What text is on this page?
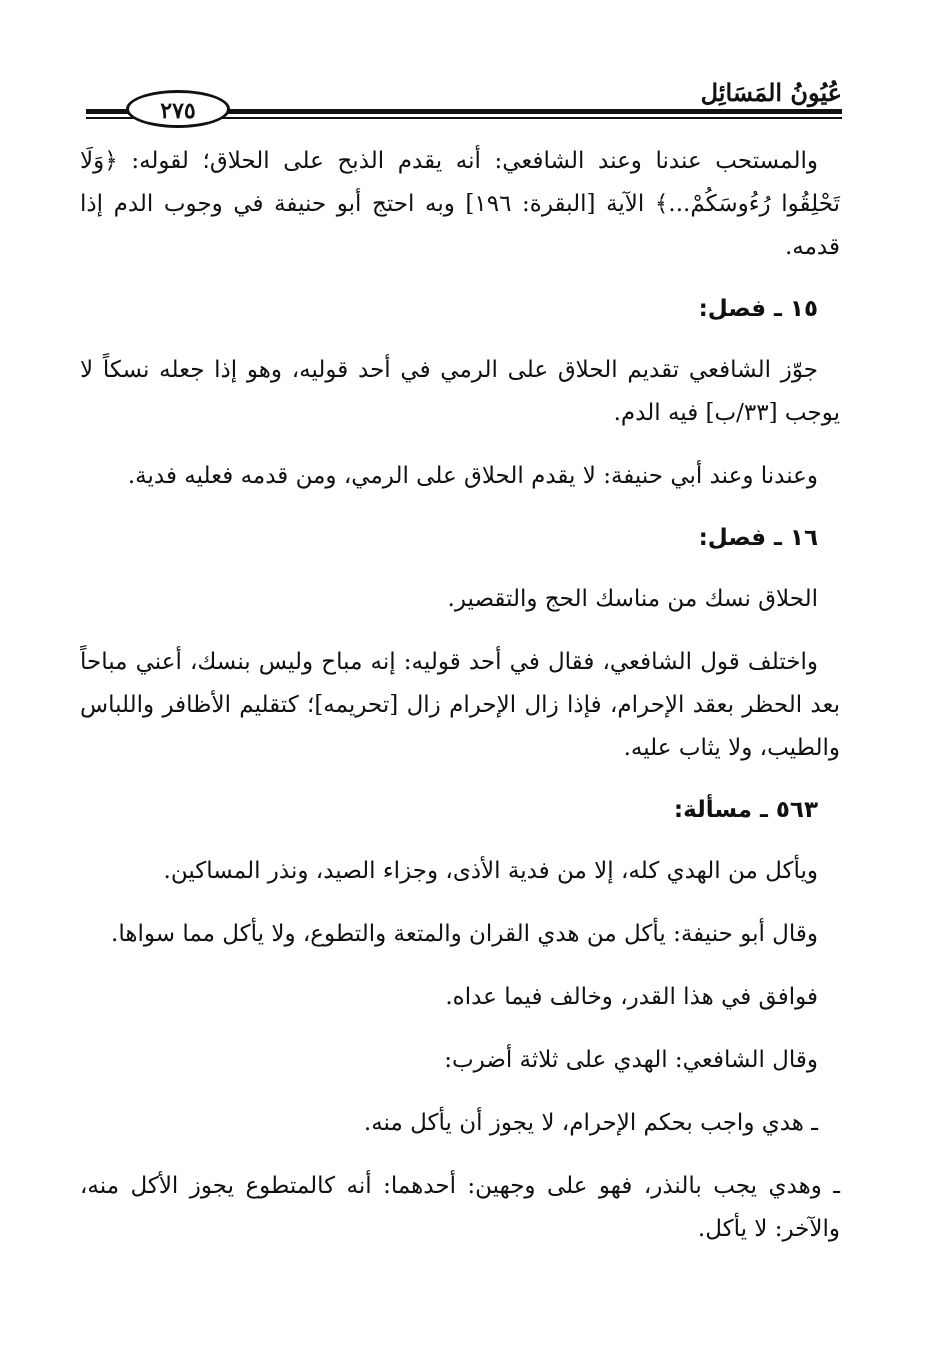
عُيُونُ المَسَائِل
٢٧٥

والمستحب عندنا وعند الشافعي: أنه يقدم الذبح على الحلاق؛ لقوله: ﴿وَلَا تَحْلِقُوا رُءُوسَكُمْ...﴾ الآية [البقرة: ١٩٦] وبه احتج أبو حنيفة في وجوب الدم إذا قدمه.

١٥ ـ فصل:

جوّز الشافعي تقديم الحلاق على الرمي في أحد قوليه، وهو إذا جعله نسكاً لا يوجب [٣٣/ب] فيه الدم.

وعندنا وعند أبي حنيفة: لا يقدم الحلاق على الرمي، ومن قدمه فعليه فدية.

١٦ ـ فصل:

الحلاق نسك من مناسك الحج والتقصير.

واختلف قول الشافعي، فقال في أحد قوليه: إنه مباح وليس بنسك، أعني مباحاً بعد الحظر بعقد الإحرام، فإذا زال الإحرام زال [تحريمه]؛ كتقليم الأظافر واللباس والطيب، ولا يثاب عليه.

٥٦٣ ـ مسألة:

ويأكل من الهدي كله، إلا من فدية الأذى، وجزاء الصيد، ونذر المساكين.

وقال أبو حنيفة: يأكل من هدي القران والمتعة والتطوع، ولا يأكل مما سواها.

فوافق في هذا القدر، وخالف فيما عداه.

وقال الشافعي: الهدي على ثلاثة أضرب:

ـ هدي واجب بحكم الإحرام، لا يجوز أن يأكل منه.

ـ وهدي يجب بالنذر، فهو على وجهين: أحدهما: أنه كالمتطوع يجوز الأكل منه، والآخر: لا يأكل.
